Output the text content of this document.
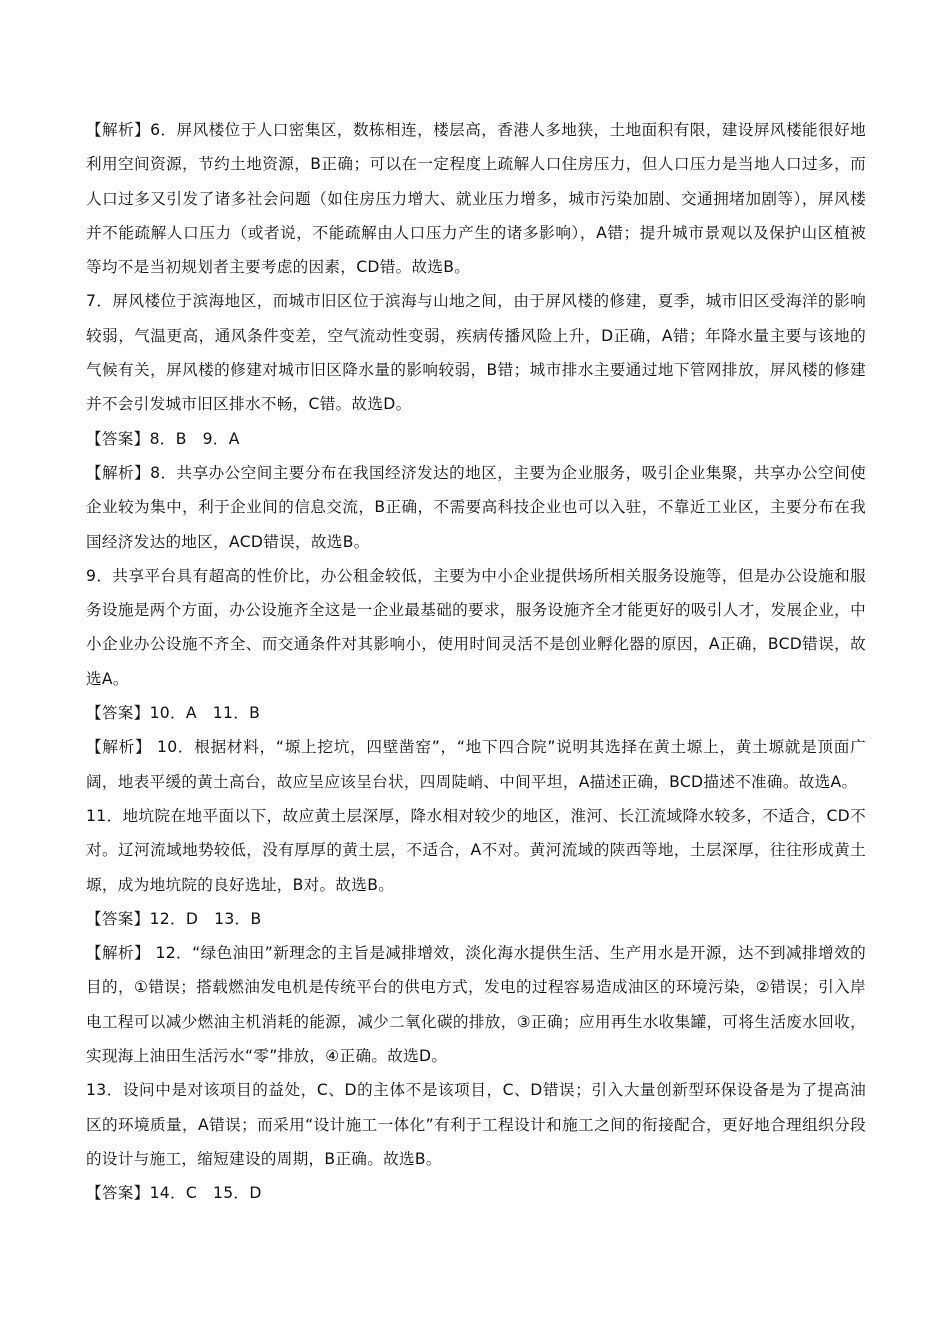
【解析】6．屏风楼位于人口密集区，数栋相连，楼层高，香港人多地狭，土地面积有限，建设屏风楼能很好地利用空间资源，节约土地资源，B正确；可以在一定程度上疏解人口住房压力，但人口压力是当地人口过多，而人口过多又引发了诸多社会问题（如住房压力增大、就业压力增多，城市污染加剧、交通拥堵加剧等），屏风楼并不能疏解人口压力（或者说，不能疏解由人口压力产生的诸多影响），A错；提升城市景观以及保护山区植被等均不是当初规划者主要考虑的因素，CD错。故选B。

7．屏风楼位于滨海地区，而城市旧区位于滨海与山地之间，由于屏风楼的修建，夏季，城市旧区受海洋的影响较弱，气温更高，通风条件变差，空气流动性变弱，疾病传播风险上升，D正确，A错；年降水量主要与该地的气候有关，屏风楼的修建对城市旧区降水量的影响较弱，B错；城市排水主要通过地下管网排放，屏风楼的修建并不会引发城市旧区排水不畅，C错。故选D。

【答案】8．B　9．A

【解析】8．共享办公空间主要分布在我国经济发达的地区，主要为企业服务，吸引企业集聚，共享办公空间使企业较为集中，利于企业间的信息交流，B正确，不需要高科技企业也可以入驻，不靠近工业区，主要分布在我国经济发达的地区，ACD错误，故选B。

9．共享平台具有超高的性价比，办公租金较低，主要为中小企业提供场所相关服务设施等，但是办公设施和服务设施是两个方面，办公设施齐全这是一企业最基础的要求，服务设施齐全才能更好的吸引人才，发展企业，中小企业办公设施不齐全、而交通条件对其影响小，使用时间灵活不是创业孵化器的原因，A正确，BCD错误，故选A。

【答案】10．A　11．B

【解析】 10．根据材料，“塬上挖坑，四壁凿窑”，“地下四合院”说明其选择在黄土塬上，黄土塬就是顶面广阔，地表平缓的黄土高台，故应呈应该呈台状，四周陡峭、中间平坦，A描述正确，BCD描述不准确。故选A。

11．地坑院在地平面以下，故应黄土层深厚，降水相对较少的地区，淮河、长江流域降水较多，不适合，CD不对。辽河流域地势较低，没有厚厚的黄土层，不适合，A不对。黄河流域的陕西等地，土层深厚，往往形成黄土塬，成为地坑院的良好选址，B对。故选B。

【答案】12．D　13．B

【解析】 12．“绿色油田”新理念的主旨是减排增效，淡化海水提供生活、生产用水是开源，达不到减排增效的目的，①错误；搭载燃油发电机是传统平台的供电方式，发电的过程容易造成油区的环境污染，②错误；引入岸电工程可以减少燃油主机消耗的能源，减少二氧化碳的排放，③正确；应用再生水收集罐，可将生活废水回收，实现海上油田生活污水“零”排放，④正确。故选D。

13．设问中是对该项目的益处，C、D的主体不是该项目，C、D错误；引入大量创新型环保设备是为了提高油区的环境质量，A错误；而采用“设计施工一体化”有利于工程设计和施工之间的衔接配合，更好地合理组织分段的设计与施工，缩短建设的周期，B正确。故选B。

【答案】14．C　15．D
